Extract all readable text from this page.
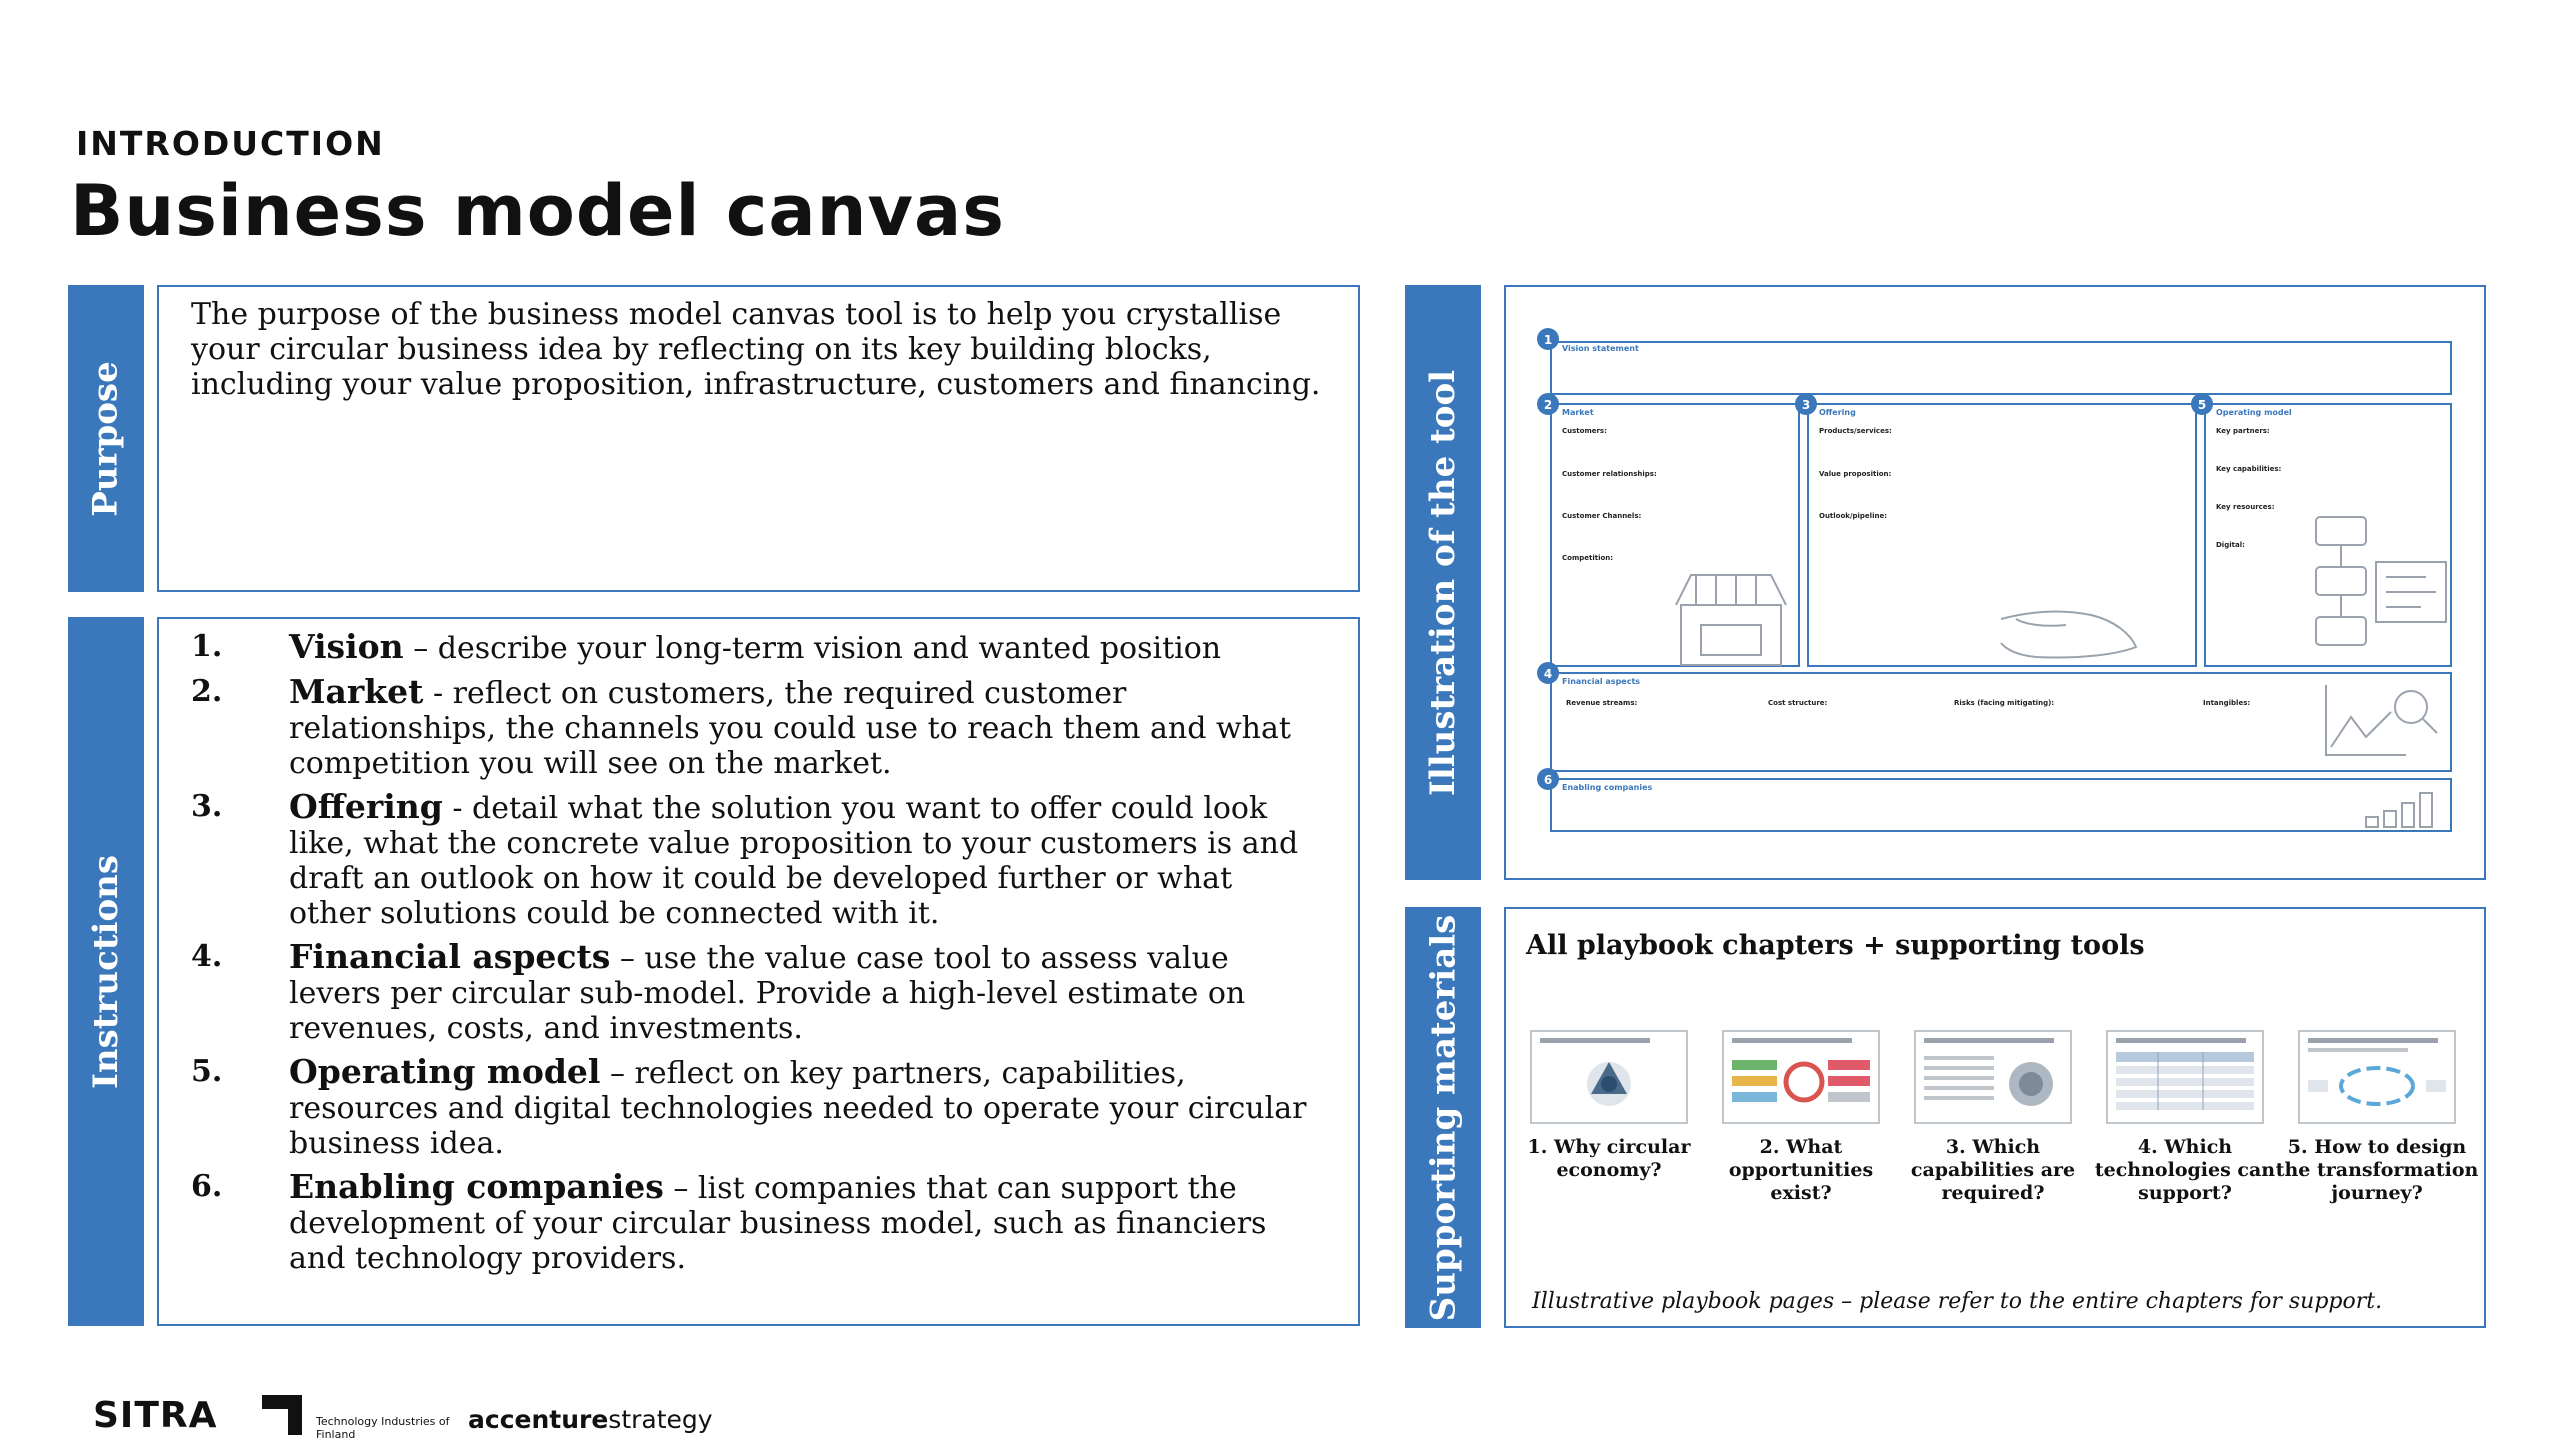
INTRODUCTION
Business model canvas
Purpose
The purpose of the business model canvas tool is to help you crystallise your circular business idea by reflecting on its key building blocks, including your value proposition, infrastructure, customers and financing.
Instructions
1.	Vision – describe your long-term vision and wanted position
2.	Market - reflect on customers, the required customer relationships, the channels you could use to reach them and what competition you will see on the market.
3.	Offering - detail what the solution you want to offer could look like, what the concrete value proposition to your customers is and draft an outlook on how it could be developed further or what other solutions could be connected with it.
4.	Financial aspects – use the value case tool to assess value levers per circular sub-model. Provide a high-level estimate on revenues, costs, and investments.
5.	Operating model – reflect on key partners, capabilities, resources and digital technologies needed to operate your circular business idea.
6.	Enabling companies – list companies that can support the development of your circular business model, such as financiers and technology providers.
Illustration of the tool
1
2	3
4
5
6
Vision statement
Market	Offering	Operating model
Financial aspects
Enabling companies
Customers:
Customer relationships:
Customer Channels:
Competition:
Products/services:
Value proposition:
Outlook/pipeline:
Key partners:
Key capabilities:
Key resources:
Digital:
Revenue streams:	Cost structure:	Risks (facing mitigating):	Intangibles:
Supporting materials All playbook chapters + supporting tools
1. Why circular economy?
2. What opportunities exist?
3. Which capabilities are required?
4. Which technologies can support?
5. How to design the transformation journey?
Illustrative playbook pages – please refer to the entire chapters for support.
SITRA	Technology Industries of Finland
accenturestrategy
